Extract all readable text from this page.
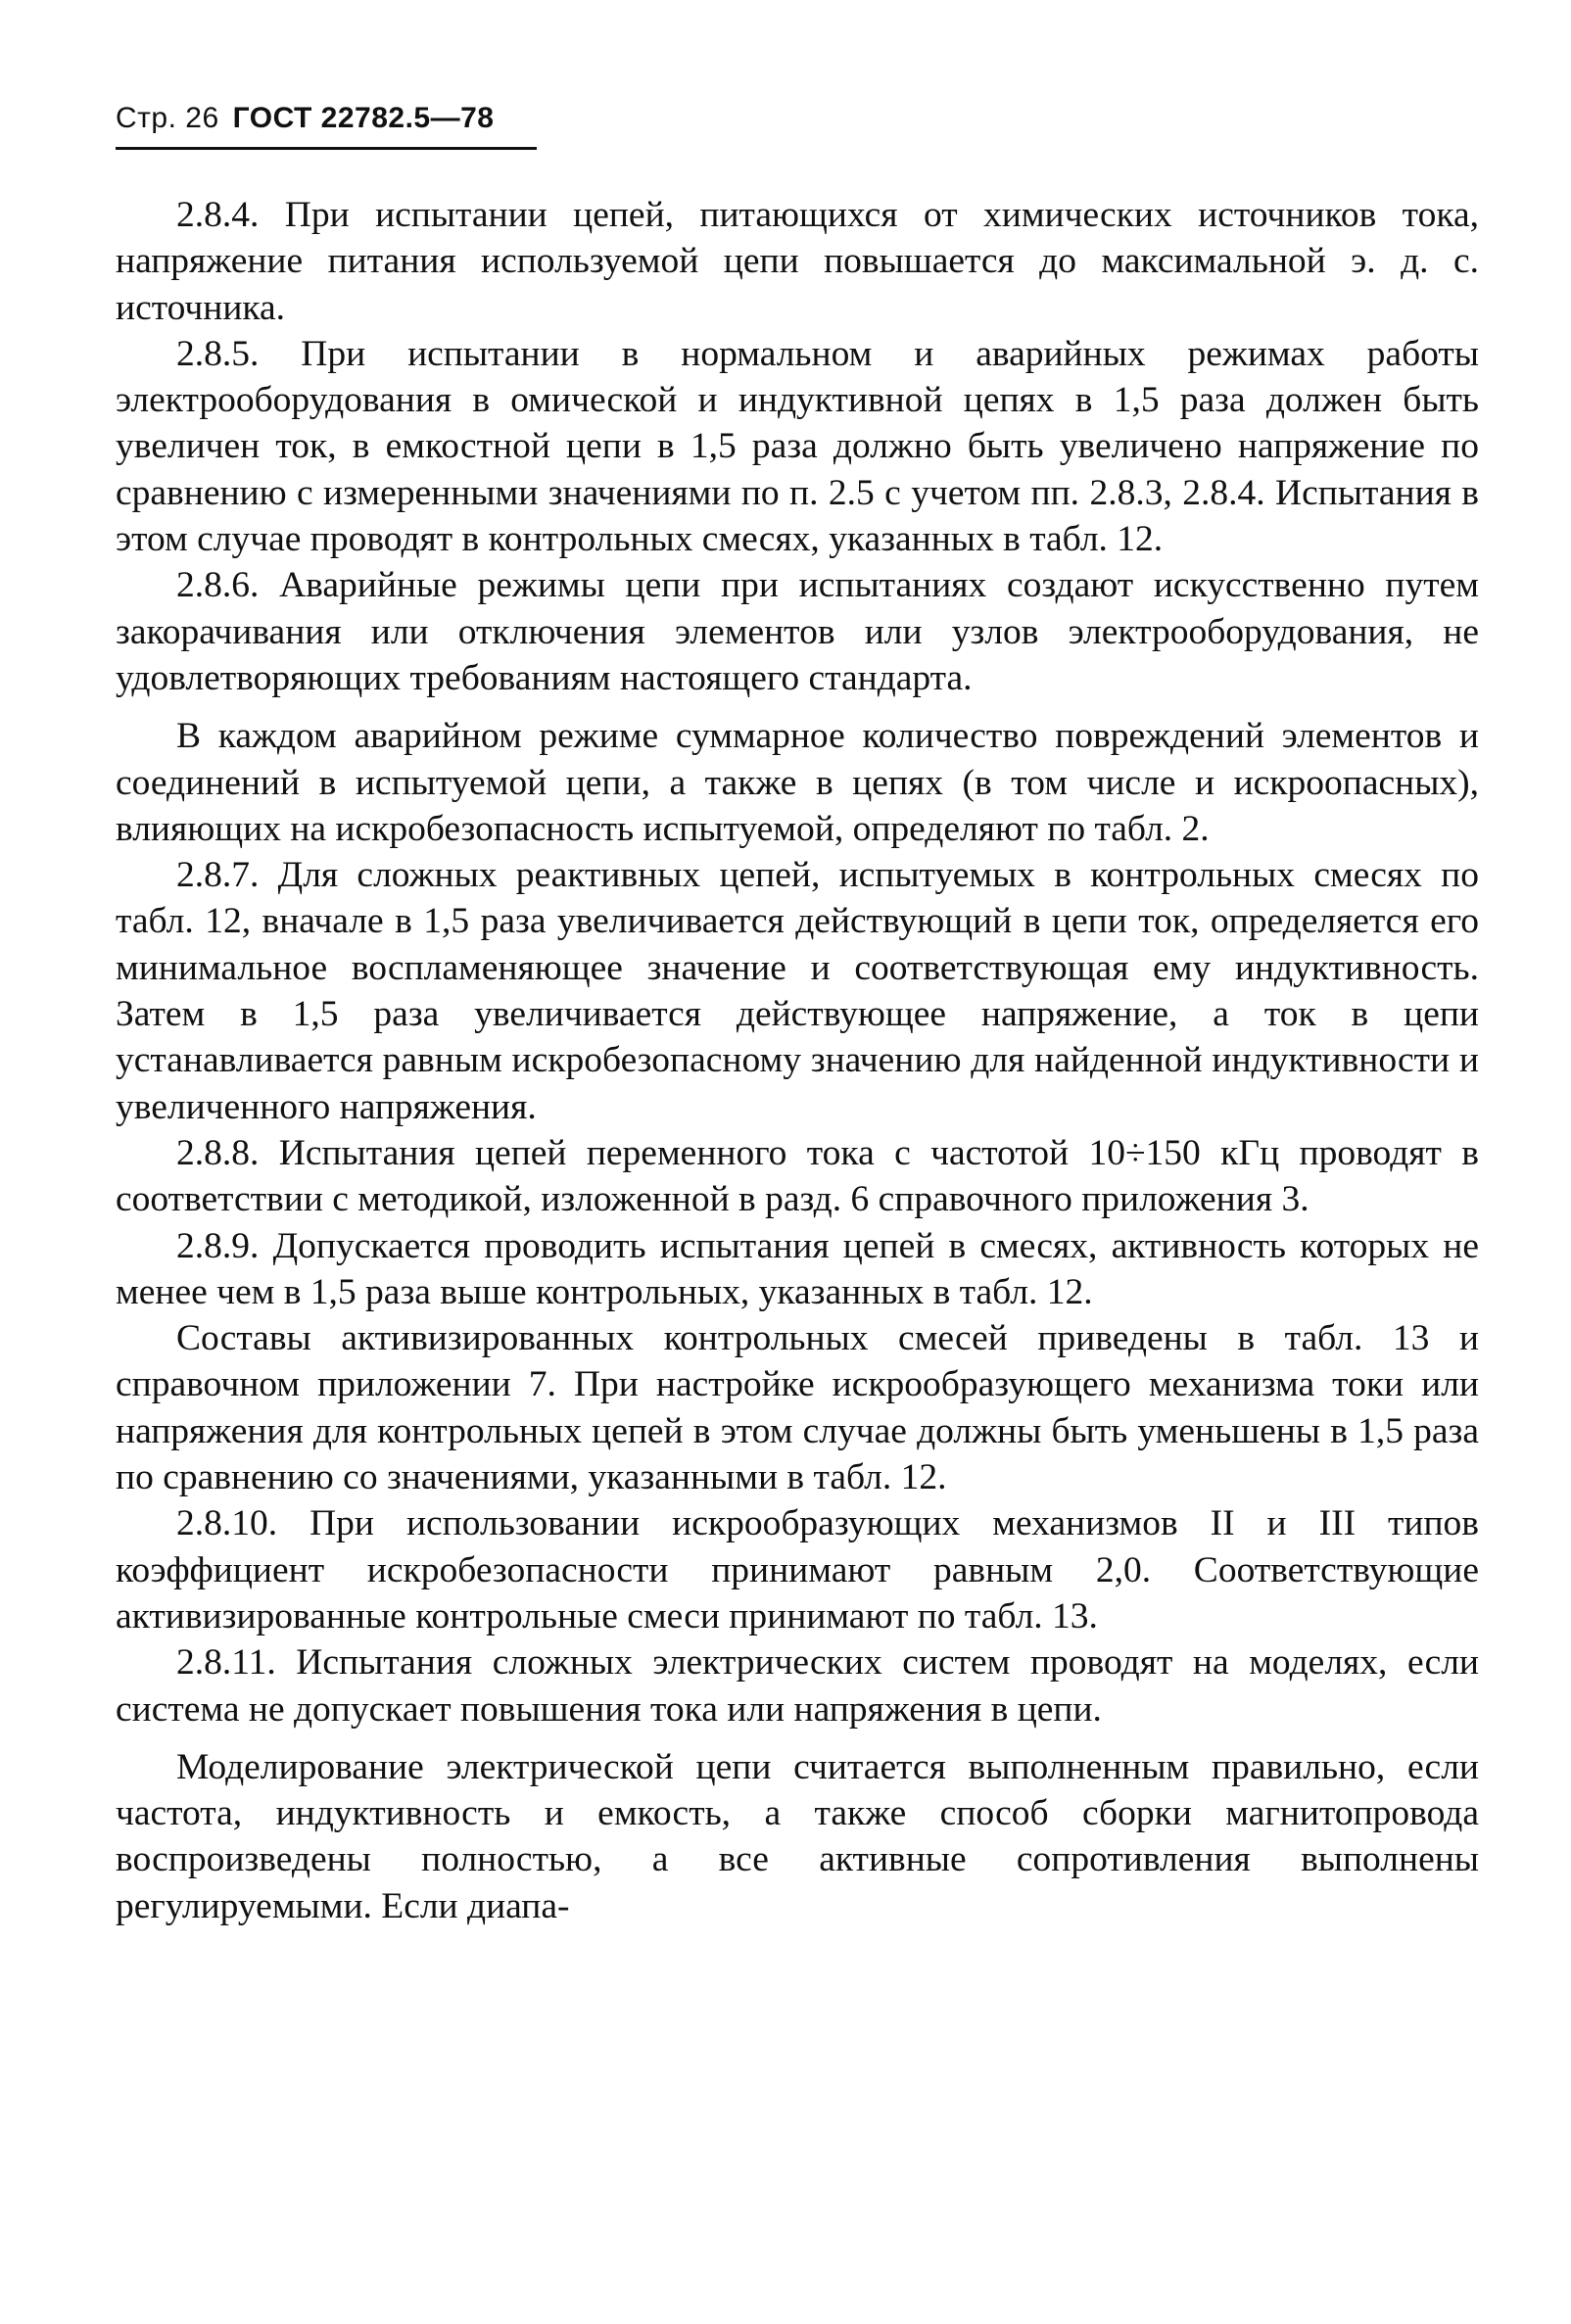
Стр. 26 ГОСТ 22782.5—78

2.8.4. При испытании цепей, питающихся от химических источников тока, напряжение питания используемой цепи повышается до максимальной э. д. с. источника.

2.8.5. При испытании в нормальном и аварийных режимах работы электрооборудования в омической и индуктивной цепях в 1,5 раза должен быть увеличен ток, в емкостной цепи в 1,5 раза должно быть увеличено напряжение по сравнению с измеренными значениями по п. 2.5 с учетом пп. 2.8.3, 2.8.4. Испытания в этом случае проводят в контрольных смесях, указанных в табл. 12.

2.8.6. Аварийные режимы цепи при испытаниях создают искусственно путем закорачивания или отключения элементов или узлов электрооборудования, не удовлетворяющих требованиям настоящего стандарта.

В каждом аварийном режиме суммарное количество повреждений элементов и соединений в испытуемой цепи, а также в цепях (в том числе и искроопасных), влияющих на искробезопасность испытуемой, определяют по табл. 2.

2.8.7. Для сложных реактивных цепей, испытуемых в контрольных смесях по табл. 12, вначале в 1,5 раза увеличивается действующий в цепи ток, определяется его минимальное воспламеняющее значение и соответствующая ему индуктивность. Затем в 1,5 раза увеличивается действующее напряжение, а ток в цепи устанавливается равным искробезопасному значению для найденной индуктивности и увеличенного напряжения.

2.8.8. Испытания цепей переменного тока с частотой 10÷150 кГц проводят в соответствии с методикой, изложенной в разд. 6 справочного приложения 3.

2.8.9. Допускается проводить испытания цепей в смесях, активность которых не менее чем в 1,5 раза выше контрольных, указанных в табл. 12.

Составы активизированных контрольных смесей приведены в табл. 13 и справочном приложении 7. При настройке искрообразующего механизма токи или напряжения для контрольных цепей в этом случае должны быть уменьшены в 1,5 раза по сравнению со значениями, указанными в табл. 12.

2.8.10. При использовании искрообразующих механизмов II и III типов коэффициент искробезопасности принимают равным 2,0. Соответствующие активизированные контрольные смеси принимают по табл. 13.

2.8.11. Испытания сложных электрических систем проводят на моделях, если система не допускает повышения тока или напряжения в цепи.

Моделирование электрической цепи считается выполненным правильно, если частота, индуктивность и емкость, а также способ сборки магнитопровода воспроизведены полностью, а все активные сопротивления выполнены регулируемыми. Если диапа-
